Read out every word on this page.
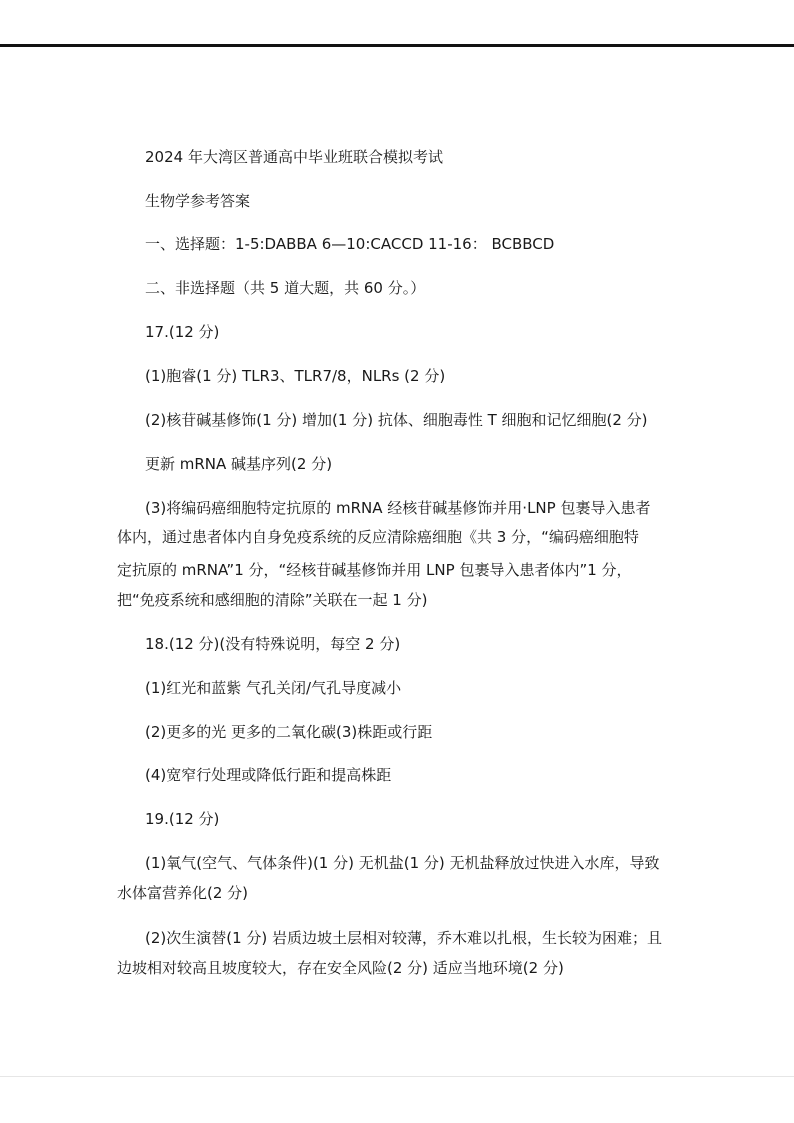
2024 年大湾区普通高中毕业班联合模拟考试
生物学参考答案
一、选择题：1-5:DABBA 6—10:CACCD 11-16： BCBBCD
二、非选择题（共 5 道大题，共 60 分。）
17.(12 分)
(1)胞睿(1 分) TLR3、TLR7/8，NLRs (2 分)
(2)核苷碱基修饰(1 分) 增加(1 分) 抗体、细胞毒性 T 细胞和记忆细胞(2 分)
更新 mRNA 碱基序列(2 分)
(3)将编码癌细胞特定抗原的 mRNA 经核苷碱基修饰并用·LNP 包裹导入患者
体内，通过患者体内自身免疫系统的反应清除癌细胞《共 3 分，“编码癌细胞特
定抗原的 mRNA”1 分，“经核苷碱基修饰并用 LNP 包裹导入患者体内”1 分，
把“免疫系统和感细胞的清除”关联在一起 1 分)
18.(12 分)(没有特殊说明，每空 2 分)
(1)红光和蓝紫 气孔关闭/气孔导度减小
(2)更多的光 更多的二氧化碳(3)株距或行距
(4)宽窄行处理或降低行距和提高株距
19.(12 分)
(1)氧气(空气、气体条件)(1 分) 无机盐(1 分) 无机盐释放过快进入水库，导致
水体富营养化(2 分)
(2)次生演替(1 分) 岩质边坡土层相对较薄，乔木难以扎根，生长较为困难；且
边坡相对较高且坡度较大，存在安全风险(2 分) 适应当地环境(2 分)
